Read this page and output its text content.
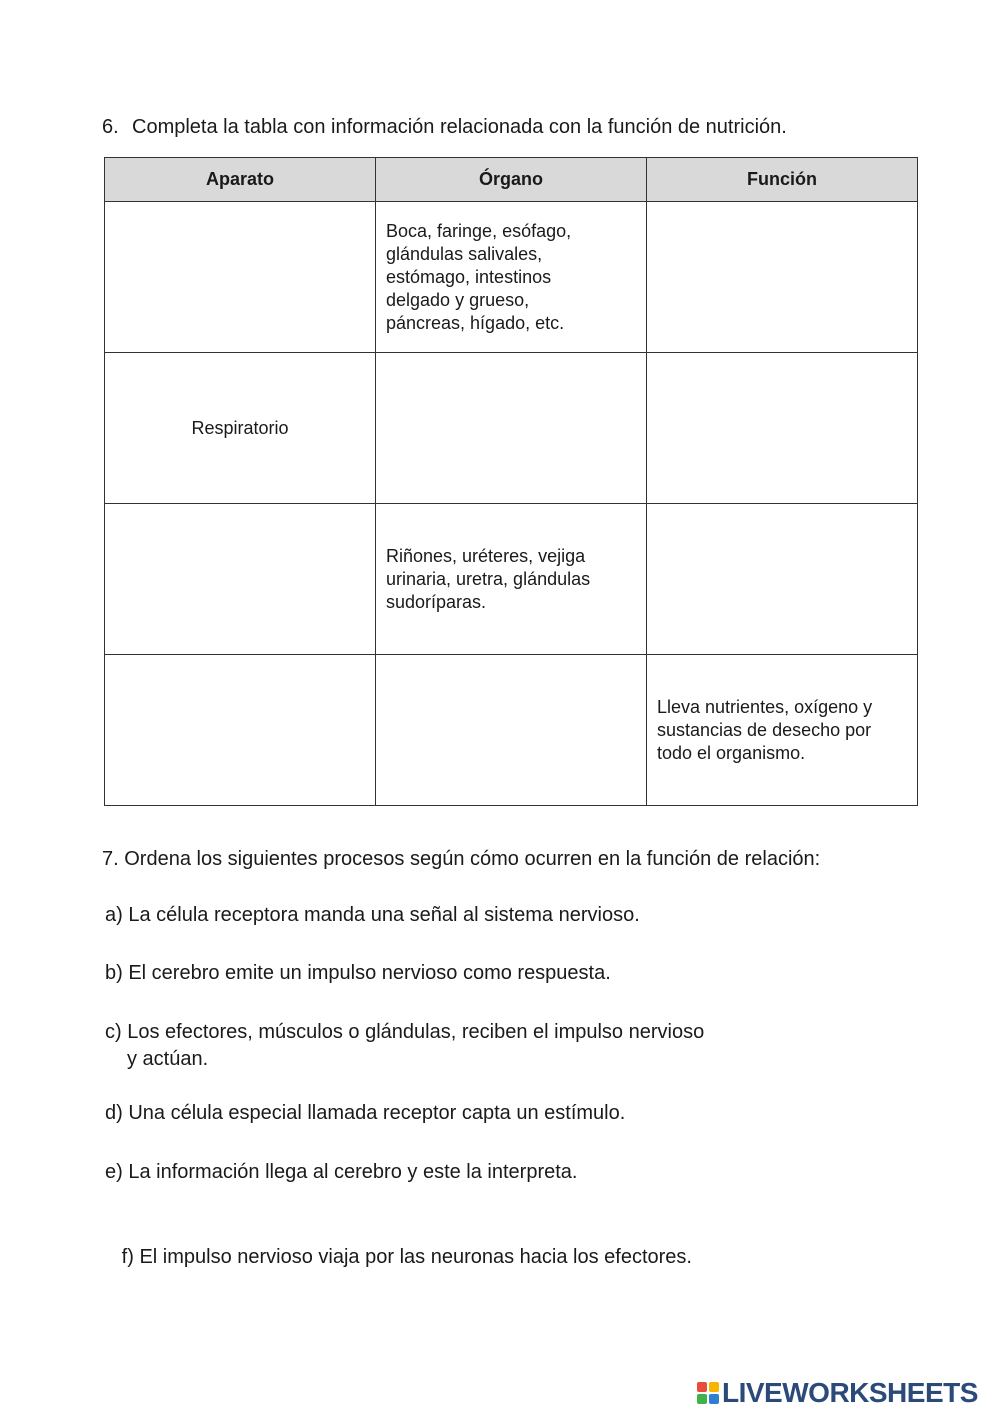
6. Completa la tabla con información relacionada con la función de nutrición.
Aparato	Órgano	Función
	Boca, faringe, esófago,
glándulas salivales,
estómago, intestinos
delgado y grueso,
páncreas, hígado, etc.	
Respiratorio		
	Riñones, uréteres, vejiga
urinaria, uretra, glándulas
sudoríparas.	
		Lleva nutrientes, oxígeno y
sustancias de desecho por
todo el organismo.
7. Ordena los siguientes procesos según cómo ocurren en la función de relación:
a) La célula receptora manda una señal al sistema nervioso.
b) El cerebro emite un impulso nervioso como respuesta.
c) Los efectores, músculos o glándulas, reciben el impulso nervioso
y actúan.
d) Una célula especial llamada receptor capta un estímulo.
e) La información llega al cerebro y este la interpreta.

f) El impulso nervioso viaja por las neuronas hacia los efectores.

LIVEWORKSHEETS
